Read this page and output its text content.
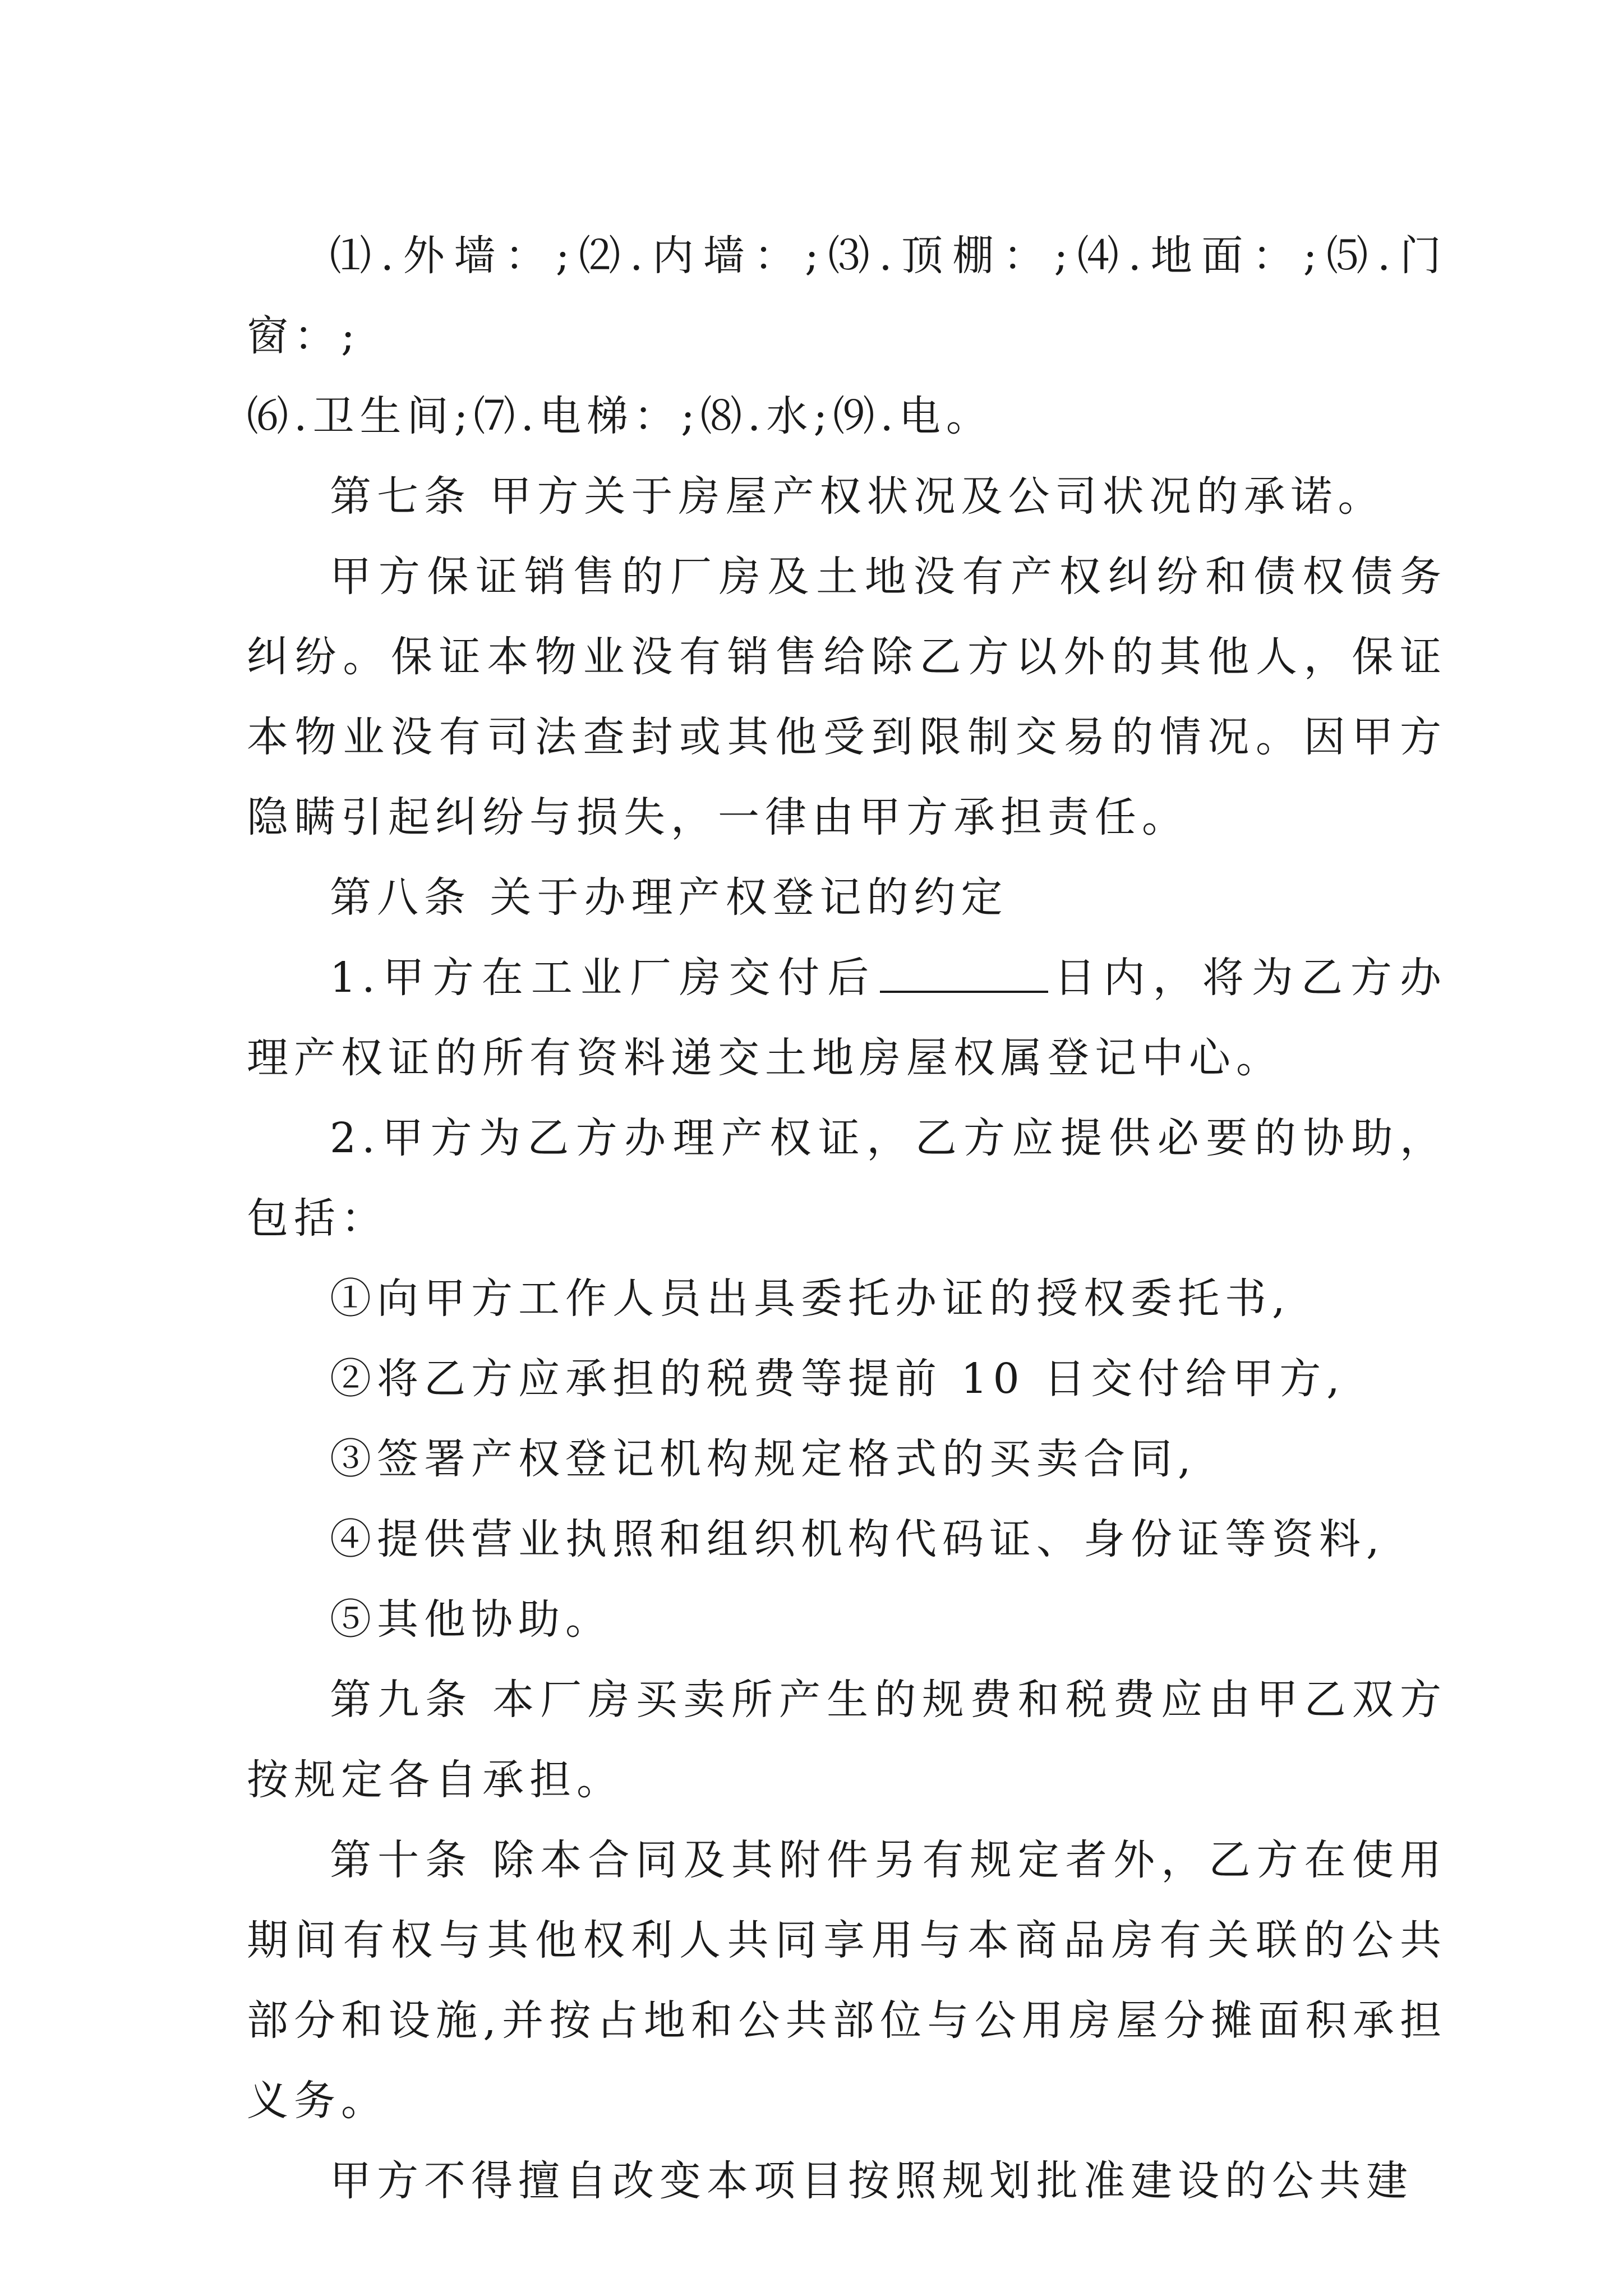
⑴.外墙：;⑵.内墙：;⑶.顶棚：;⑷.地面：;⑸.门窗：;

⑹.卫生间;⑺.电梯：;⑻.水;⑼.电。

第七条 甲方关于房屋产权状况及公司状况的承诺。

甲方保证销售的厂房及土地没有产权纠纷和债权债务纠纷。保证本物业没有销售给除乙方以外的其他人，保证本物业没有司法查封或其他受到限制交易的情况。因甲方隐瞒引起纠纷与损失，一律由甲方承担责任。

第八条 关于办理产权登记的约定

1.甲方在工业厂房交付后	日内，将为乙方办理产权证的所有资料递交土地房屋权属登记中心。

2.甲方为乙方办理产权证，乙方应提供必要的协助，包括：

①向甲方工作人员出具委托办证的授权委托书,

②将乙方应承担的税费等提前 10 日交付给甲方,

③签署产权登记机构规定格式的买卖合同,

④提供营业执照和组织机构代码证、身份证等资料,

⑤其他协助。

第九条 本厂房买卖所产生的规费和税费应由甲乙双方按规定各自承担。

第十条 除本合同及其附件另有规定者外，乙方在使用期间有权与其他权利人共同享用与本商品房有关联的公共部分和设施,并按占地和公共部位与公用房屋分摊面积承担义务。

甲方不得擅自改变本项目按照规划批准建设的公共建
